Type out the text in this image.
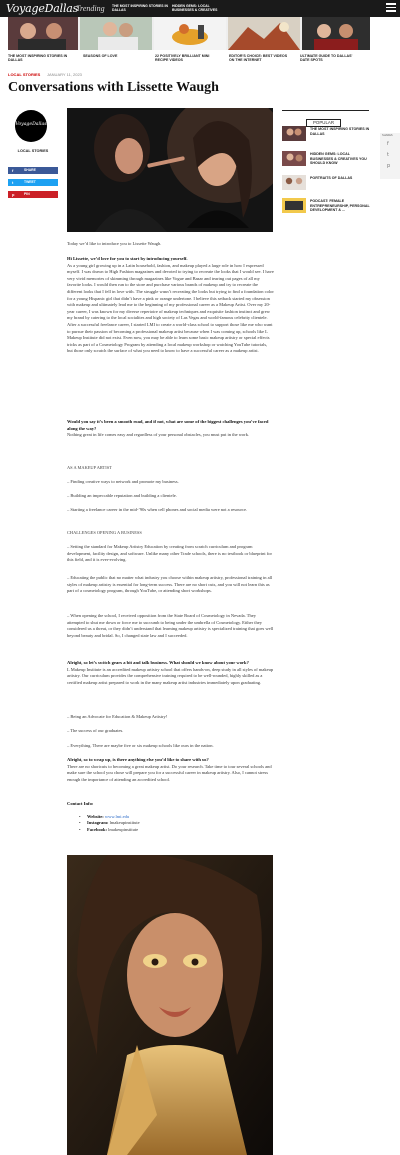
VoyageDallas
Trending THE MOST INSPIRING STORIES IN DALLAS
HIDDEN GEMS: LOCAL BUSINESSES & CREATIVES
THE MOST INSPIRING STORIES IN DALLAS
SEASONS OF LOVE	22 POSITIVELY BRILLIANT MINI RECIPE VIDEOS
EDITOR'S CHOICE: BEST VIDEOS ON THE INTERNET
ULTIMATE GUIDE TO DALLAS' DATE SPOTS
LOCAL STORIES JANUARY 11, 2023
Conversations with Lissette Waugh
VoyageDallas
LOCAL STORIES
f	SHARE
t	TWEET
p	PIN
POPULAR
THE MOST INSPIRING STORIES IN DALLAS
HIDDEN GEMS: LOCAL BUSINESSES & CREATIVES YOU SHOULD KNOW
PORTRAITS OF DALLAS
PODCAST: FEMALE ENTREPRENEURSHIP, PERSONAL DEVELOPMENT & ...
SHARES
f
t
p
Today we’d like to introduce you to Lissette Waugh.
Hi Lissette, we’d love for you to start by introducing yourself.
As a young girl growing up in a Latin household, fashion, and makeup played a large role in how I expressed myself. I was drawn to High Fashion magazines and devoted to trying to recreate the looks that I would see. I have very vivid memories of skimming through magazines like Vogue and Bazar and tearing out pages of all my favorite looks. I would then run to the store and purchase various brands of makeup and try to recreate the different looks that I fell in love with. The struggle wasn’t recreating the looks but trying to find a foundation color for a young Hispanic girl that didn’t have a pink or orange undertone. I believe this setback started my obsession with makeup and ultimately lead me to the beginning of my professional career as a Makeup Artist. Over my 20-year career, I was known for my diverse repertoire of makeup techniques and exquisite fashion instinct and grew my brand by catering to the local socialites and high society of Las Vegas and world-famous celebrity clientele. After a successful freelance career, I started LMI to create a world-class school to support those like me who want to pursue their passion of becoming a professional makeup artist because when I was coming up, schools like L Makeup Institute did not exist. Even now, you may be able to learn some basic makeup artistry or special effects tricks as part of a Cosmetology Program by attending a local makeup workshop or watching YouTube tutorials, but those only scratch the surface of what you need to know to have a successful career as a makeup artist.
Would you say it’s been a smooth road, and if not, what are some of the biggest challenges you’ve faced along the way?
Nothing great in life comes easy and regardless of your personal obstacles, you must put in the work.
AS A MAKEUP ARTIST
– Finding creative ways to network and promote my business.
– Building an impeccable reputation and building a clientele.
– Starting a freelance career in the mid-’90s when cell phones and social media were not a resource.
CHALLENGES OPENING A BUSINESS
– Setting the standard for Makeup Artistry Education by creating from scratch curriculum and program development, facility design, and software. Unlike many other Trade schools, there is no textbook or blueprint for this field, and it is ever-evolving.
– Educating the public that no matter what industry you choose within makeup artistry, professional training in all styles of makeup artistry is essential for long-term success. There are no short cuts, and you will not learn this as part of a cosmetology program, through YouTube, or attending short workshops.
– When opening the school, I received opposition from the State Board of Cosmetology in Nevada. They attempted to shut me down or force me to succumb to being under the umbrella of Cosmetology. Either they considered us a threat, or they didn’t understand that learning makeup artistry is specialized training that goes well beyond beauty and bridal. So, I changed state law and I succeeded.
Alright, so let’s switch gears a bit and talk business. What should we know about your work?
L Makeup Institute is an accredited makeup artistry school that offers hands-on, deep study in all styles of makeup artistry. Our curriculum provides the comprehensive training required to be well-rounded, highly skilled as a certified makeup artist prepared to work in the many makeup artist industries immediately upon graduating.
– Being an Advocate for Education & Makeup Artistry!
– The success of our graduates.
– Everything. There are maybe five or six makeup schools like ours in the nation.
Alright, so to wrap up, is there anything else you’d like to share with us?
There are no shortcuts to becoming a great makeup artist. Do your research. Take time to tour several schools and make sure the school you chose will prepare you for a successful career in makeup artistry. Also, I cannot stress enough the importance of attending an accredited school.
Contact Info:
• Website: www.lmi.edu
• Instagram: lmakeupinstitute
• Facebook: lmakeupinstitute
